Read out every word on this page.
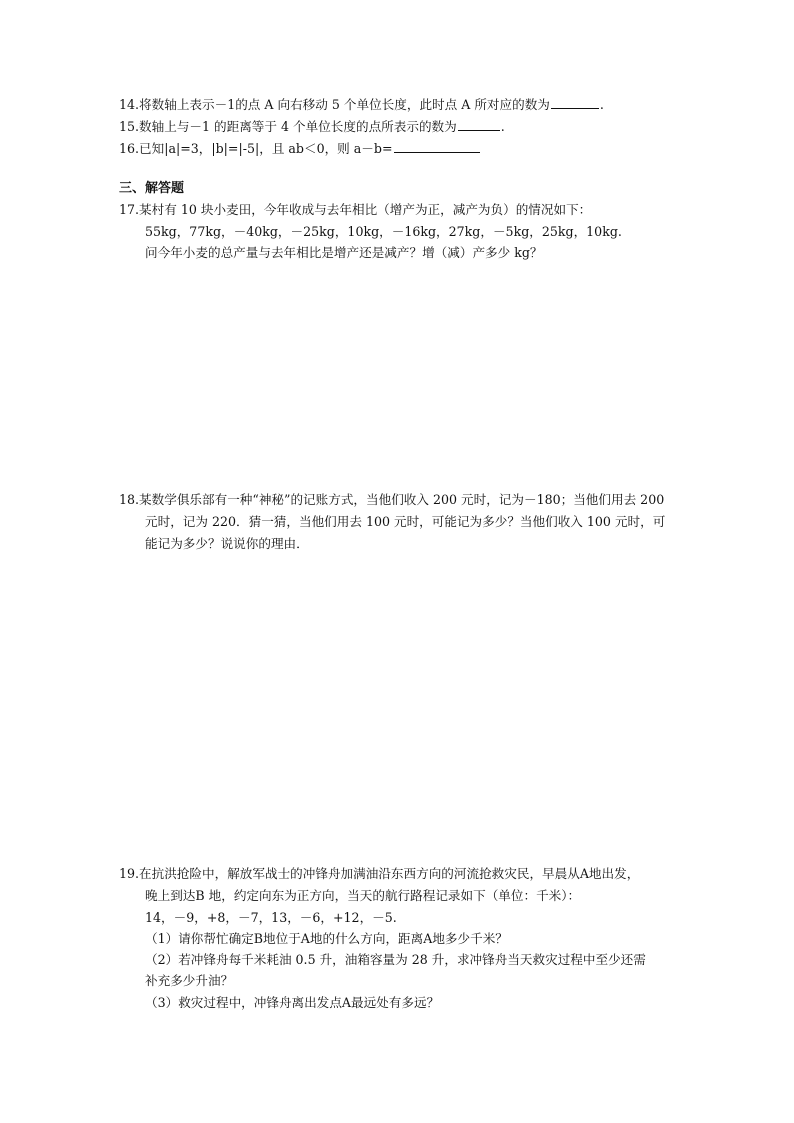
14.将数轴上表示－1的点 A 向右移动 5 个单位长度，此时点 A 所对应的数为	.
15.数轴上与－1 的距离等于 4 个单位长度的点所表示的数为	.
16.已知|a|=3，|b|=|-5|，且 ab＜0，则 a－b=
三、解答题
17.某村有 10 块小麦田，今年收成与去年相比（增产为正，减产为负）的情况如下：
55kg，77kg，－40kg，－25kg，10kg，－16kg，27kg，－5kg，25kg，10kg.
问今年小麦的总产量与去年相比是增产还是减产？增（减）产多少 kg？
18.某数学俱乐部有一种“神秘”的记账方式，当他们收入 200 元时，记为－180；当他们用去 200
元时，记为 220．猜一猜，当他们用去 100 元时，可能记为多少？当他们收入 100 元时，可
能记为多少？说说你的理由．
19.在抗洪抢险中，解放军战士的冲锋舟加满油沿东西方向的河流抢救灾民，早晨从A地出发，
晚上到达B 地，约定向东为正方向，当天的航行路程记录如下（单位：千米）：
14，－9，+8，－7，13，－6，+12，－5.
（1）请你帮忙确定B地位于A地的什么方向，距离A地多少千米？
（2）若冲锋舟每千米耗油 0.5 升，油箱容量为 28 升，求冲锋舟当天救灾过程中至少还需
补充多少升油？
（3）救灾过程中，冲锋舟离出发点A最远处有多远？
